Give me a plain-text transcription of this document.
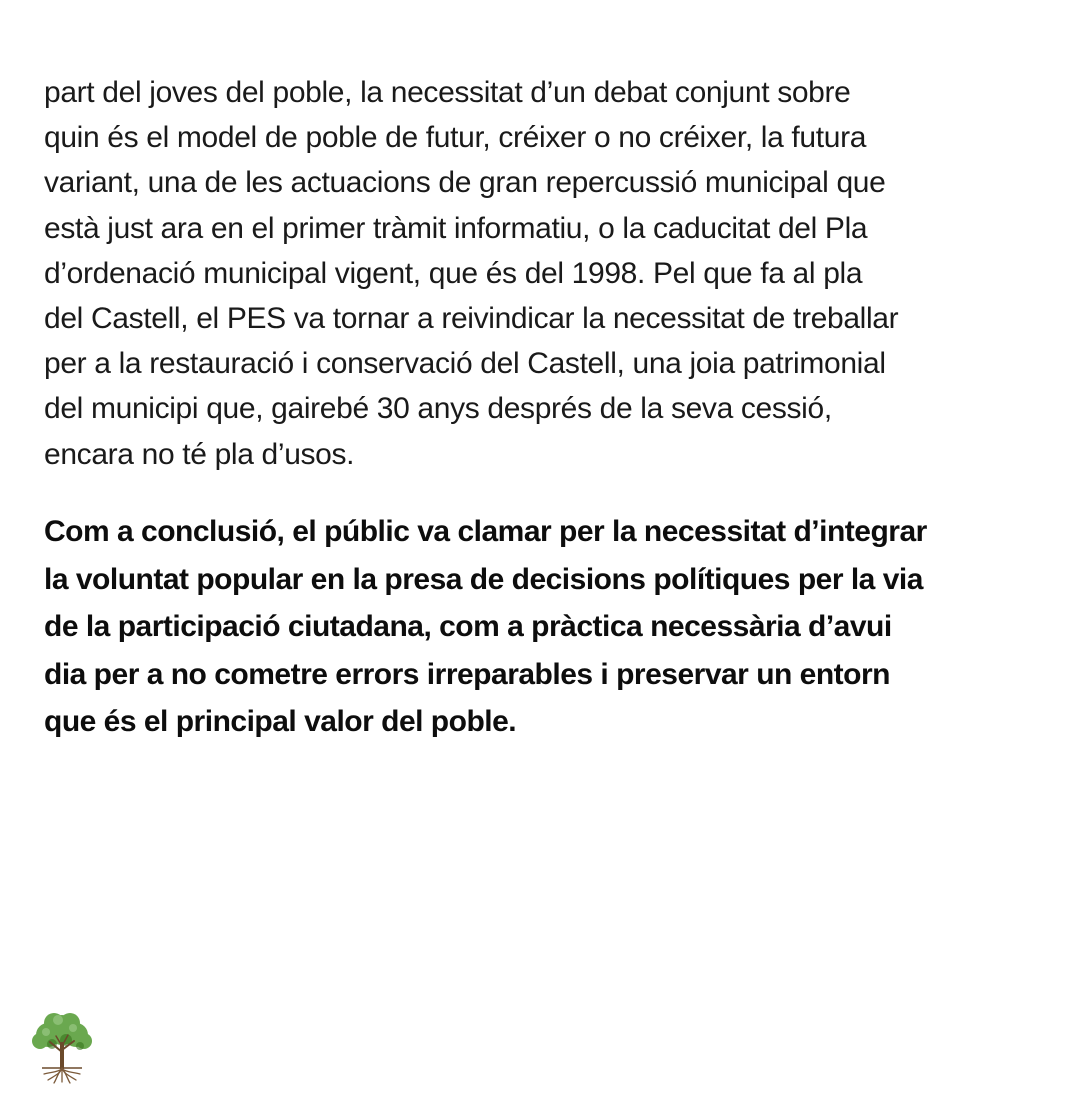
part del joves del poble, la necessitat d’un debat conjunt sobre
quin és el model de poble de futur, créixer o no créixer, la futura
variant, una de les actuacions de gran repercussió municipal que
està just ara en el primer tràmit informatiu, o la caducitat del Pla
d’ordenació municipal vigent, que és del 1998. Pel que fa al pla
del Castell, el PES va tornar a reivindicar la necessitat de treballar
per a la restauració i conservació del Castell, una joia patrimonial
del municipi que, gairebé 30 anys després de la seva cessió,
encara no té pla d’usos.

Com a conclusió, el públic va clamar per la necessitat d’integrar
la voluntat popular en la presa de decisions polítiques per la via
de la participació ciutadana, com a pràctica necessària d’avui
dia per a no cometre errors irreparables i preservar un entorn
que és el principal valor del poble.
